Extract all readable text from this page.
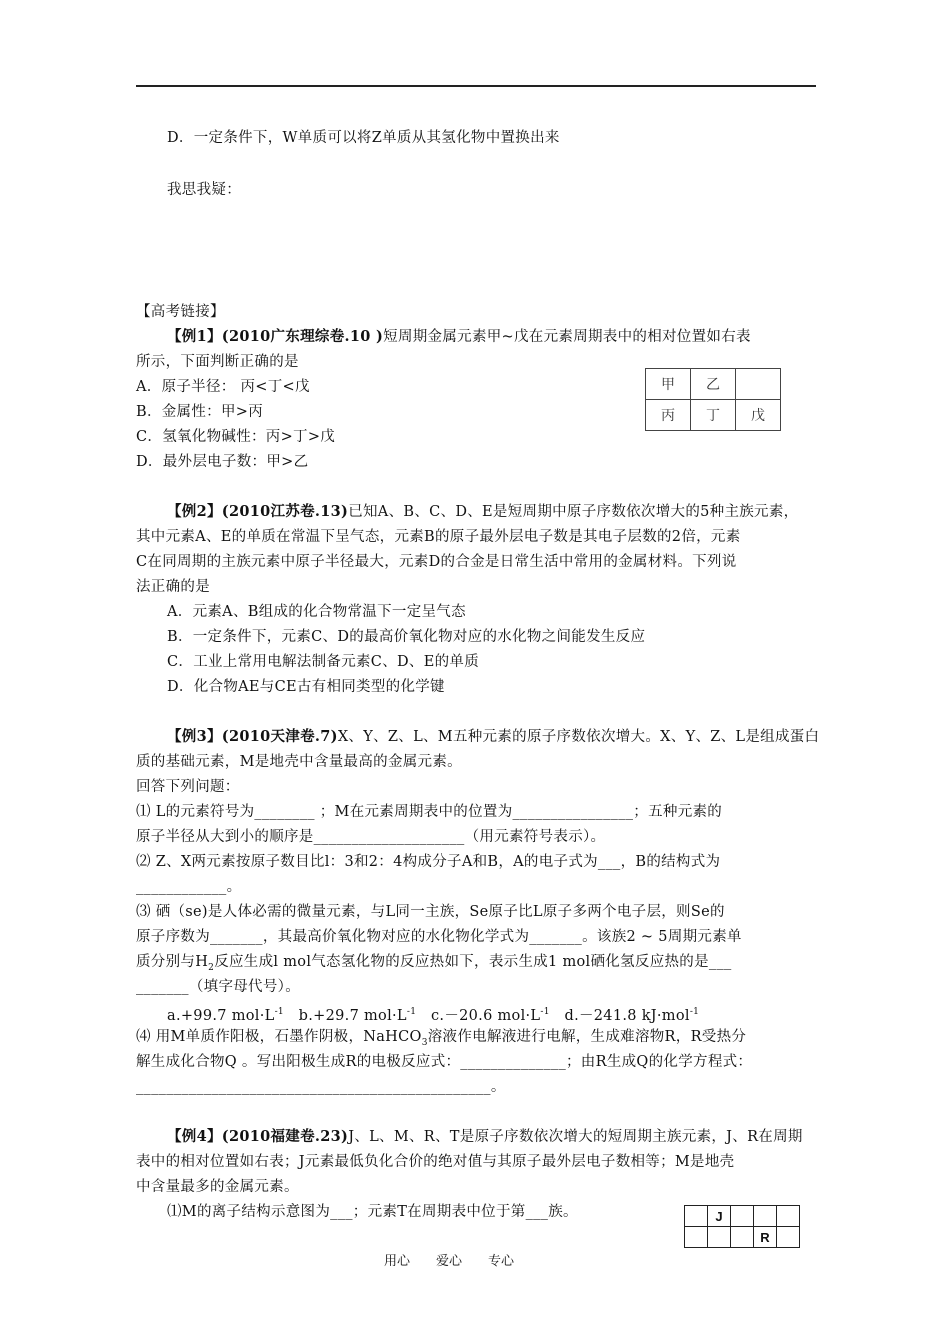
D．一定条件下，W单质可以将Z单质从其氢化物中置换出来
我思我疑：
【高考链接】
【例1】(2010广东理综卷.10 )短周期金属元素甲~戊在元素周期表中的相对位置如右表
所示，下面判断正确的是
A．原子半径： 丙<丁<戊
B．金属性：甲>丙
C．氢氧化物碱性：丙>丁>戊
D．最外层电子数：甲>乙
甲	乙	
丙	丁	戊
【例2】(2010江苏卷.13)已知A、B、C、D、E是短周期中原子序数依次增大的5种主族元素，
其中元素A、E的单质在常温下呈气态，元素B的原子最外层电子数是其电子层数的2倍，元素
C在同周期的主族元素中原子半径最大，元素D的合金是日常生活中常用的金属材料。下列说
法正确的是
A．元素A、B组成的化合物常温下一定呈气态
B．一定条件下，元素C、D的最高价氧化物对应的水化物之间能发生反应
C．工业上常用电解法制备元素C、D、E的单质
D．化合物AE与CE古有相同类型的化学键
【例3】(2010天津卷.7)X、Y、Z、L、M五种元素的原子序数依次增大。X、Y、Z、L是组成蛋白
质的基础元素，M是地壳中含量最高的金属元素。
回答下列问题：
⑴ L的元素符号为________ ；M在元素周期表中的位置为________________；五种元素的
原子半径从大到小的顺序是____________________（用元素符号表示）。
⑵ Z、X两元素按原子数目比l：3和2：4构成分子A和B，A的电子式为___，B的结构式为
____________。
⑶ 硒（se)是人体必需的微量元素，与L同一主族，Se原子比L原子多两个电子层，则Se的
原子序数为_______，其最高价氧化物对应的水化物化学式为_______。该族2 ~ 5周期元素单
质分别与$H_2$反应生成l mol气态氢化物的反应热如下，表示生成1 mol硒化氢反应热的是___
_______（填字母代号）。
a.+99.7 $mol\cdot L^{-1}$ b.+29.7 $mol\cdot L^{-1}$ c.－20.6 $mol\cdot L^{-1}$ d.－241.8 kJ·mol$^{-1}$
⑷ 用M单质作阳极，石墨作阴极，NaHCO$_3$溶液作电解液进行电解，生成难溶物R，R受热分
解生成化合物Q 。写出阳极生成R的电极反应式：______________；由R生成Q的化学方程式：
_______________________________________________。
【例4】(2010福建卷.23)J、L、M、R、T是原子序数依次增大的短周期主族元素，J、R在周期
表中的相对位置如右表；J元素最低负化合价的绝对值与其原子最外层电子数相等；M是地壳
中含量最多的金属元素。
⑴M的离子结构示意图为___；元素T在周期表中位于第___族。
		J			
			R	
用心 爱心 专心
